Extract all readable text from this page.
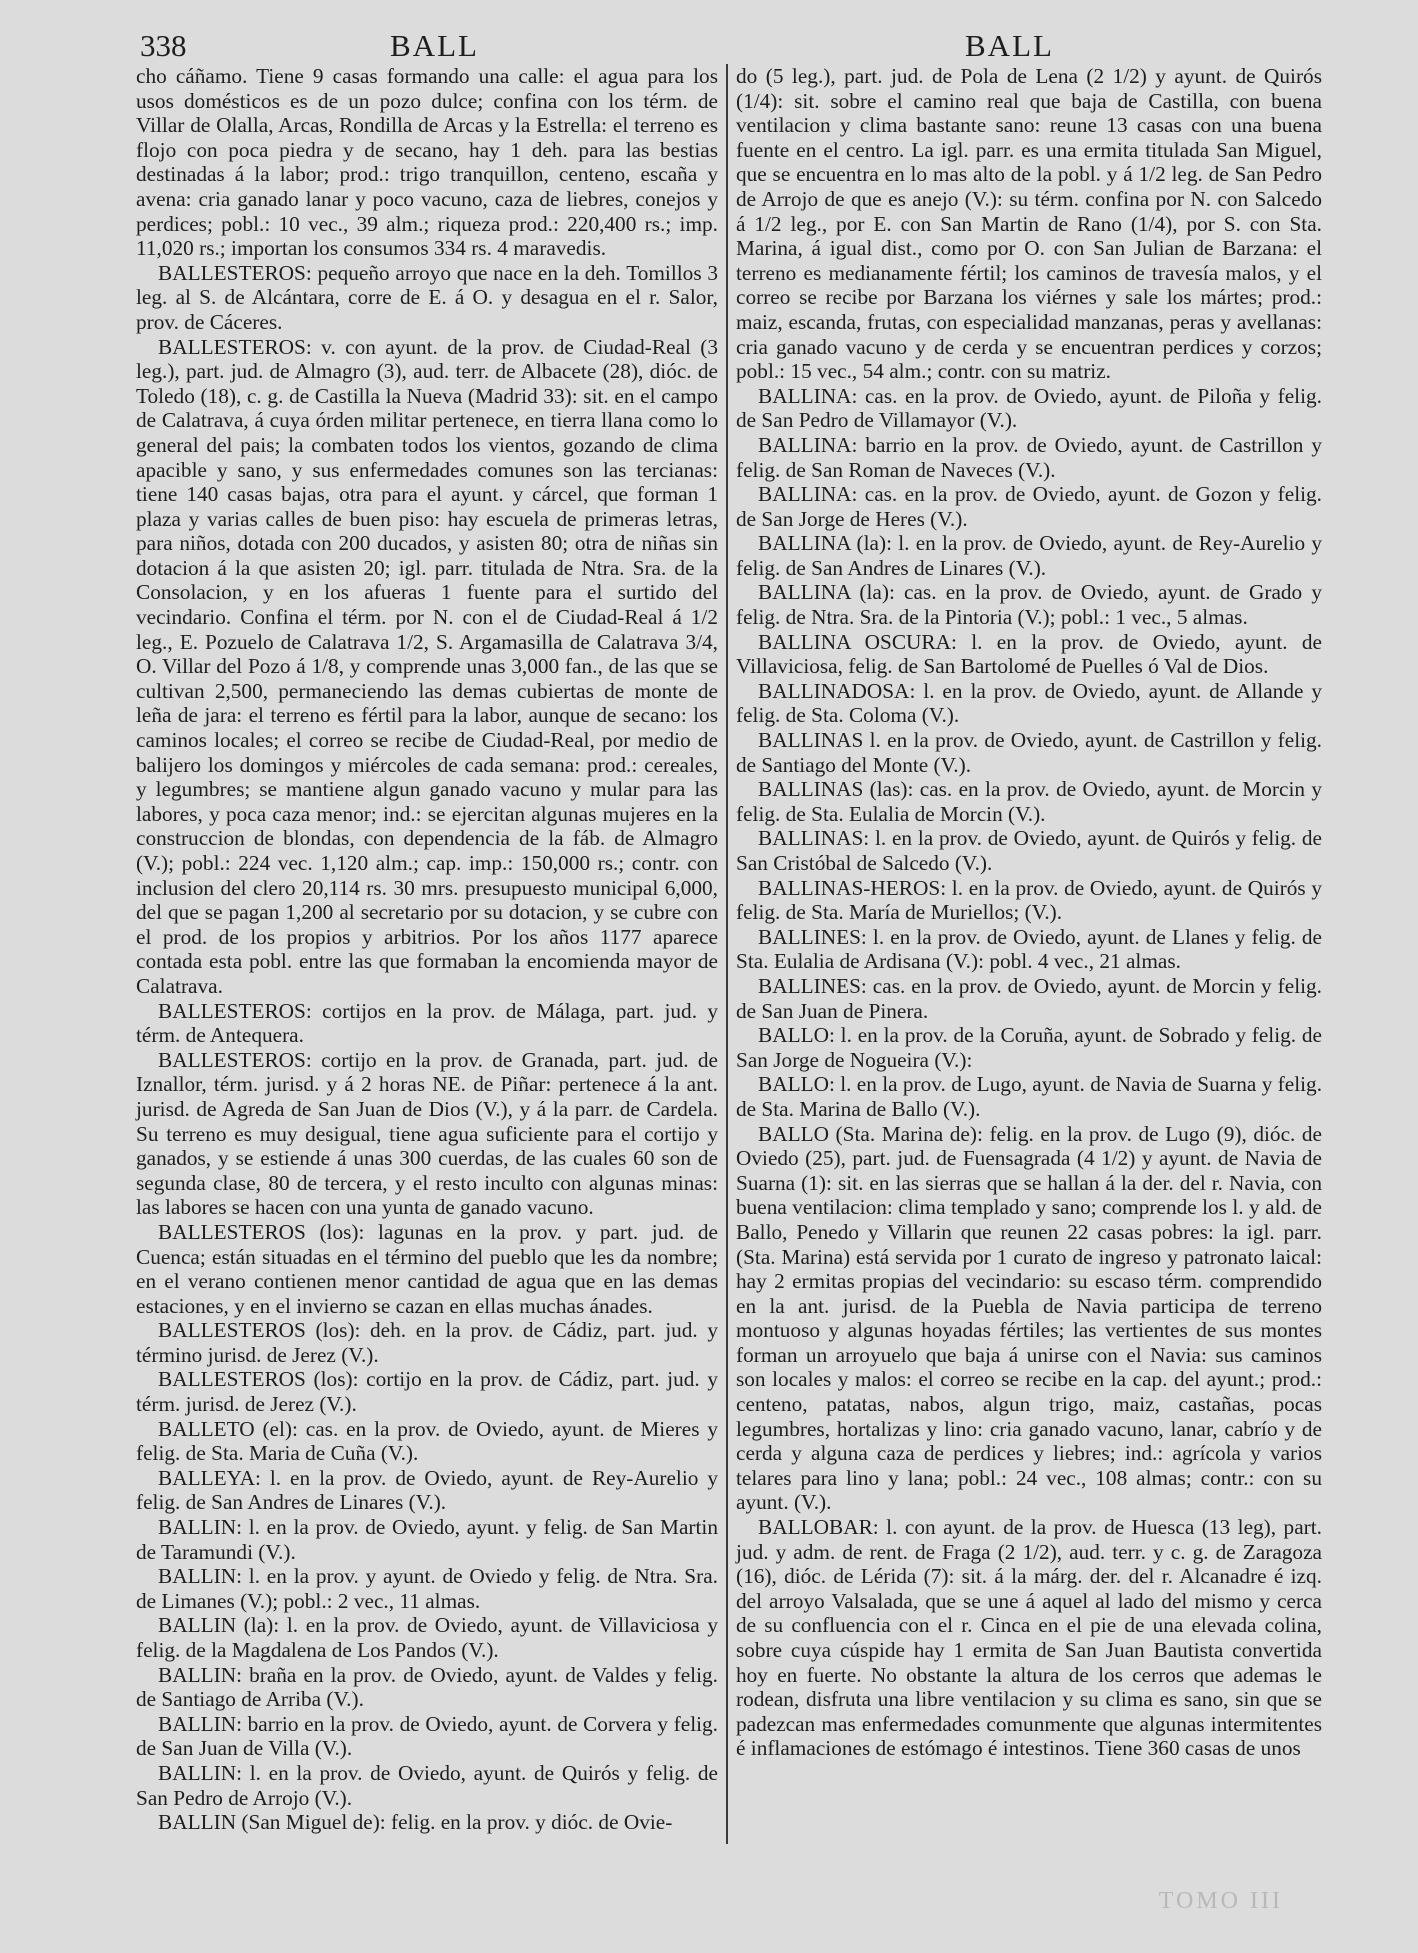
338	BALL	BALL

cho cáñamo. Tiene 9 casas formando una calle: el agua para los usos domésticos es de un pozo dulce; confina con los térm. de Villar de Olalla, Arcas, Rondilla de Arcas y la Estrella: el terreno es flojo con poca piedra y de secano, hay 1 deh. para las bestias destinadas á la labor; prod.: trigo tranquillon, centeno, escaña y avena: cria ganado lanar y poco vacuno, caza de liebres, conejos y perdices; pobl.: 10 vec., 39 alm.; riqueza prod.: 220,400 rs.; imp. 11,020 rs.; importan los consumos 334 rs. 4 maravedis.

BALLESTEROS: pequeño arroyo que nace en la deh. Tomillos 3 leg. al S. de Alcántara, corre de E. á O. y desagua en el r. Salor, prov. de Cáceres.

BALLESTEROS: v. con ayunt. de la prov. de Ciudad-Real (3 leg.), part. jud. de Almagro (3), aud. terr. de Albacete (28), dióc. de Toledo (18), c. g. de Castilla la Nueva (Madrid 33): sit. en el campo de Calatrava, á cuya órden militar pertenece, en tierra llana como lo general del pais; la combaten todos los vientos, gozando de clima apacible y sano, y sus enfermedades comunes son las tercianas: tiene 140 casas bajas, otra para el ayunt. y cárcel, que forman 1 plaza y varias calles de buen piso: hay escuela de primeras letras, para niños, dotada con 200 ducados, y asisten 80; otra de niñas sin dotacion á la que asisten 20; igl. parr. titulada de Ntra. Sra. de la Consolacion, y en los afueras 1 fuente para el surtido del vecindario. Confina el térm. por N. con el de Ciudad-Real á 1/2 leg., E. Pozuelo de Calatrava 1/2, S. Argamasilla de Calatrava 3/4, O. Villar del Pozo á 1/8, y comprende unas 3,000 fan., de las que se cultivan 2,500, permaneciendo las demas cubiertas de monte de leña de jara: el terreno es fértil para la labor, aunque de secano: los caminos locales; el correo se recibe de Ciudad-Real, por medio de balijero los domingos y miércoles de cada semana: prod.: cereales, y legumbres; se mantiene algun ganado vacuno y mular para las labores, y poca caza menor; ind.: se ejercitan algunas mujeres en la construccion de blondas, con dependencia de la fáb. de Almagro (V.); pobl.: 224 vec. 1,120 alm.; cap. imp.: 150,000 rs.; contr. con inclusion del clero 20,114 rs. 30 mrs. presupuesto municipal 6,000, del que se pagan 1,200 al secretario por su dotacion, y se cubre con el prod. de los propios y arbitrios. Por los años 1177 aparece contada esta pobl. entre las que formaban la encomienda mayor de Calatrava.

BALLESTEROS: cortijos en la prov. de Málaga, part. jud. y térm. de Antequera.

BALLESTEROS: cortijo en la prov. de Granada, part. jud. de Iznallor, térm. jurisd. y á 2 horas NE. de Piñar: pertenece á la ant. jurisd. de Agreda de San Juan de Dios (V.), y á la parr. de Cardela. Su terreno es muy desigual, tiene agua suficiente para el cortijo y ganados, y se estiende á unas 300 cuerdas, de las cuales 60 son de segunda clase, 80 de tercera, y el resto inculto con algunas minas: las labores se hacen con una yunta de ganado vacuno.

BALLESTEROS (los): lagunas en la prov. y part. jud. de Cuenca; están situadas en el término del pueblo que les da nombre; en el verano contienen menor cantidad de agua que en las demas estaciones, y en el invierno se cazan en ellas muchas ánades.

BALLESTEROS (los): deh. en la prov. de Cádiz, part. jud. y término jurisd. de Jerez (V.).

BALLESTEROS (los): cortijo en la prov. de Cádiz, part. jud. y térm. jurisd. de Jerez (V.).

BALLETO (el): cas. en la prov. de Oviedo, ayunt. de Mieres y felig. de Sta. Maria de Cuña (V.).

BALLEYA: l. en la prov. de Oviedo, ayunt. de Rey-Aurelio y felig. de San Andres de Linares (V.).

BALLIN: l. en la prov. de Oviedo, ayunt. y felig. de San Martin de Taramundi (V.).

BALLIN: l. en la prov. y ayunt. de Oviedo y felig. de Ntra. Sra. de Limanes (V.); pobl.: 2 vec., 11 almas.

BALLIN (la): l. en la prov. de Oviedo, ayunt. de Villaviciosa y felig. de la Magdalena de Los Pandos (V.).

BALLIN: braña en la prov. de Oviedo, ayunt. de Valdes y felig. de Santiago de Arriba (V.).

BALLIN: barrio en la prov. de Oviedo, ayunt. de Corvera y felig. de San Juan de Villa (V.).

BALLIN: l. en la prov. de Oviedo, ayunt. de Quirós y felig. de San Pedro de Arrojo (V.).

BALLIN (San Miguel de): felig. en la prov. y dióc. de Ovie-

do (5 leg.), part. jud. de Pola de Lena (2 1/2) y ayunt. de Quirós (1/4): sit. sobre el camino real que baja de Castilla, con buena ventilacion y clima bastante sano: reune 13 casas con una buena fuente en el centro. La igl. parr. es una ermita titulada San Miguel, que se encuentra en lo mas alto de la pobl. y á 1/2 leg. de San Pedro de Arrojo de que es anejo (V.): su térm. confina por N. con Salcedo á 1/2 leg., por E. con San Martin de Rano (1/4), por S. con Sta. Marina, á igual dist., como por O. con San Julian de Barzana: el terreno es medianamente fértil; los caminos de travesía malos, y el correo se recibe por Barzana los viérnes y sale los mártes; prod.: maiz, escanda, frutas, con especialidad manzanas, peras y avellanas: cria ganado vacuno y de cerda y se encuentran perdices y corzos; pobl.: 15 vec., 54 alm.; contr. con su matriz.

BALLINA: cas. en la prov. de Oviedo, ayunt. de Piloña y felig. de San Pedro de Villamayor (V.).

BALLINA: barrio en la prov. de Oviedo, ayunt. de Castrillon y felig. de San Roman de Naveces (V.).

BALLINA: cas. en la prov. de Oviedo, ayunt. de Gozon y felig. de San Jorge de Heres (V.).

BALLINA (la): l. en la prov. de Oviedo, ayunt. de Rey-Aurelio y felig. de San Andres de Linares (V.).

BALLINA (la): cas. en la prov. de Oviedo, ayunt. de Grado y felig. de Ntra. Sra. de la Pintoria (V.); pobl.: 1 vec., 5 almas.

BALLINA OSCURA: l. en la prov. de Oviedo, ayunt. de Villaviciosa, felig. de San Bartolomé de Puelles ó Val de Dios.

BALLINADOSA: l. en la prov. de Oviedo, ayunt. de Allande y felig. de Sta. Coloma (V.).

BALLINAS l. en la prov. de Oviedo, ayunt. de Castrillon y felig. de Santiago del Monte (V.).

BALLINAS (las): cas. en la prov. de Oviedo, ayunt. de Morcin y felig. de Sta. Eulalia de Morcin (V.).

BALLINAS: l. en la prov. de Oviedo, ayunt. de Quirós y felig. de San Cristóbal de Salcedo (V.).

BALLINAS-HEROS: l. en la prov. de Oviedo, ayunt. de Quirós y felig. de Sta. María de Muriellos; (V.).

BALLINES: l. en la prov. de Oviedo, ayunt. de Llanes y felig. de Sta. Eulalia de Ardisana (V.): pobl. 4 vec., 21 almas.

BALLINES: cas. en la prov. de Oviedo, ayunt. de Morcin y felig. de San Juan de Pinera.

BALLO: l. en la prov. de la Coruña, ayunt. de Sobrado y felig. de San Jorge de Nogueira (V.):

BALLO: l. en la prov. de Lugo, ayunt. de Navia de Suarna y felig. de Sta. Marina de Ballo (V.).

BALLO (Sta. Marina de): felig. en la prov. de Lugo (9), dióc. de Oviedo (25), part. jud. de Fuensagrada (4 1/2) y ayunt. de Navia de Suarna (1): sit. en las sierras que se hallan á la der. del r. Navia, con buena ventilacion: clima templado y sano; comprende los l. y ald. de Ballo, Penedo y Villarin que reunen 22 casas pobres: la igl. parr. (Sta. Marina) está servida por 1 curato de ingreso y patronato laical: hay 2 ermitas propias del vecindario: su escaso térm. comprendido en la ant. jurisd. de la Puebla de Navia participa de terreno montuoso y algunas hoyadas fértiles; las vertientes de sus montes forman un arroyuelo que baja á unirse con el Navia: sus caminos son locales y malos: el correo se recibe en la cap. del ayunt.; prod.: centeno, patatas, nabos, algun trigo, maiz, castañas, pocas legumbres, hortalizas y lino: cria ganado vacuno, lanar, cabrío y de cerda y alguna caza de perdices y liebres; ind.: agrícola y varios telares para lino y lana; pobl.: 24 vec., 108 almas; contr.: con su ayunt. (V.).

BALLOBAR: l. con ayunt. de la prov. de Huesca (13 leg), part. jud. y adm. de rent. de Fraga (2 1/2), aud. terr. y c. g. de Zaragoza (16), dióc. de Lérida (7): sit. á la márg. der. del r. Alcanadre é izq. del arroyo Valsalada, que se une á aquel al lado del mismo y cerca de su confluencia con el r. Cinca en el pie de una elevada colina, sobre cuya cúspide hay 1 ermita de San Juan Bautista convertida hoy en fuerte. No obstante la altura de los cerros que ademas le rodean, disfruta una libre ventilacion y su clima es sano, sin que se padezcan mas enfermedades comunmente que algunas intermitentes é inflamaciones de estómago é intestinos. Tiene 360 casas de unos

TOMO III
